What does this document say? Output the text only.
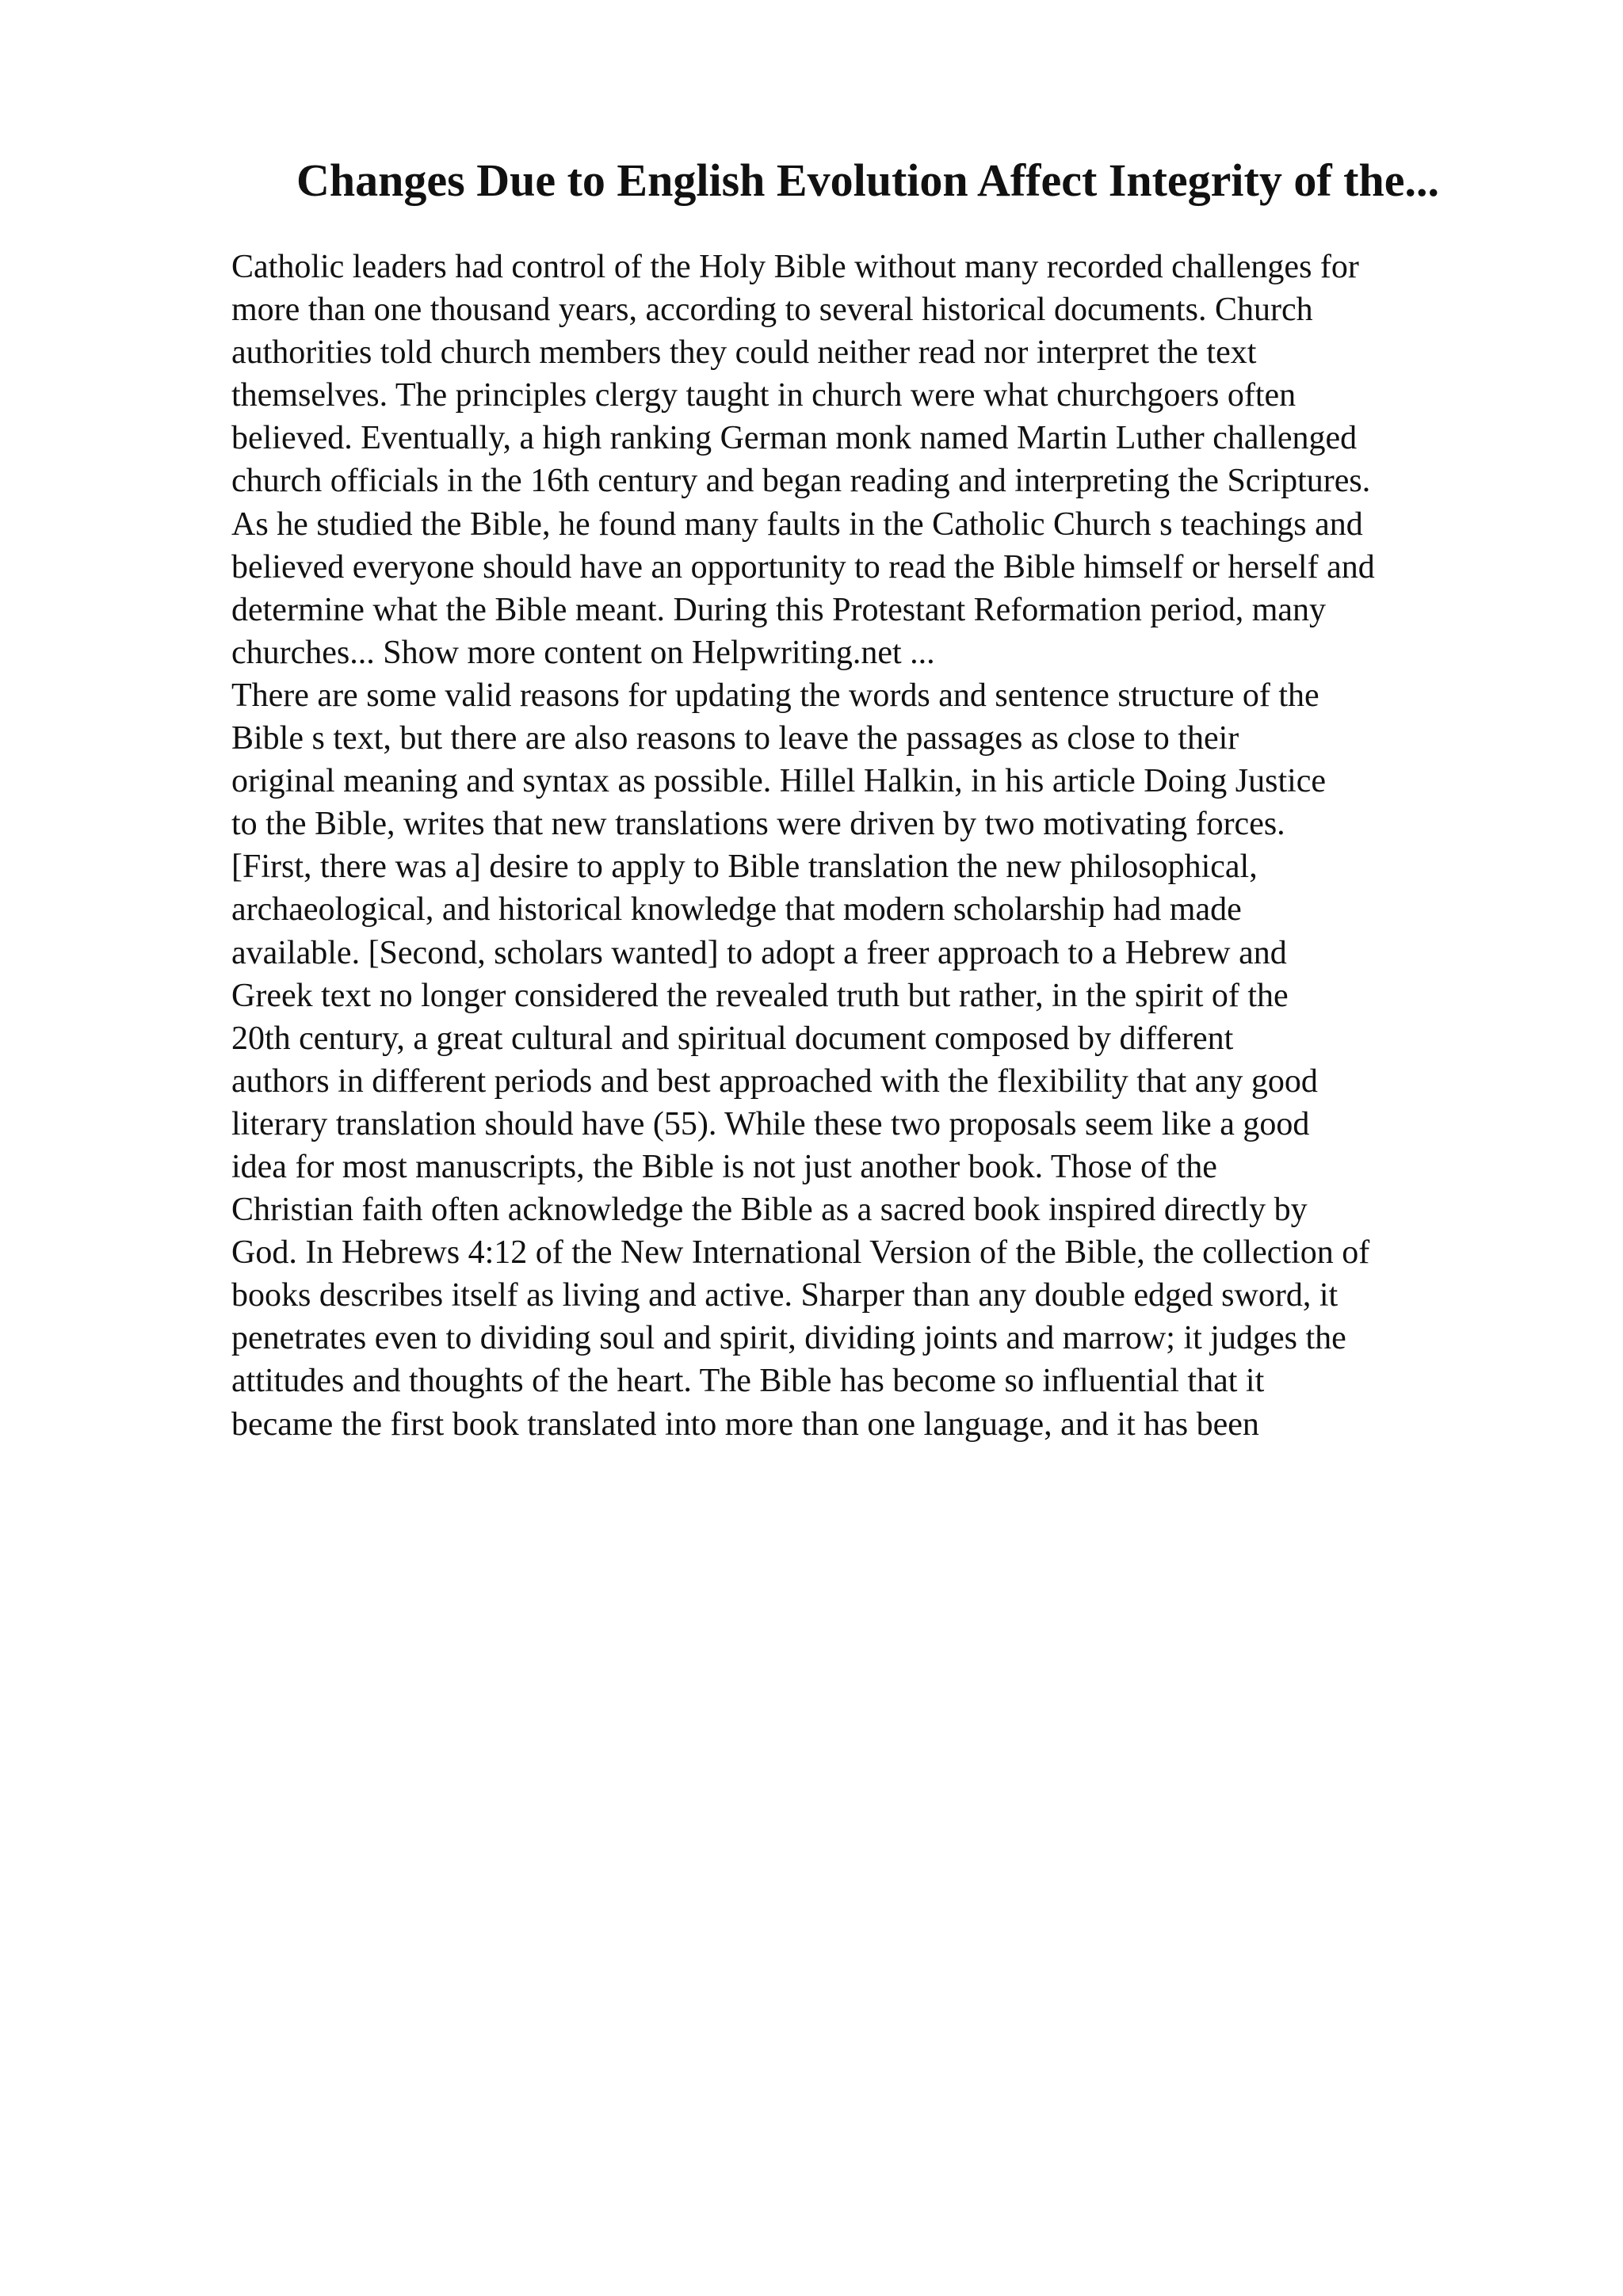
Changes Due to English Evolution Affect Integrity of the...
Catholic leaders had control of the Holy Bible without many recorded challenges for
more than one thousand years, according to several historical documents. Church
authorities told church members they could neither read nor interpret the text
themselves. The principles clergy taught in church were what churchgoers often
believed. Eventually, a high ranking German monk named Martin Luther challenged
church officials in the 16th century and began reading and interpreting the Scriptures.
As he studied the Bible, he found many faults in the Catholic Church s teachings and
believed everyone should have an opportunity to read the Bible himself or herself and
determine what the Bible meant. During this Protestant Reformation period, many
churches... Show more content on Helpwriting.net ...
There are some valid reasons for updating the words and sentence structure of the
Bible s text, but there are also reasons to leave the passages as close to their
original meaning and syntax as possible. Hillel Halkin, in his article Doing Justice
to the Bible, writes that new translations were driven by two motivating forces.
[First, there was a] desire to apply to Bible translation the new philosophical,
archaeological, and historical knowledge that modern scholarship had made
available. [Second, scholars wanted] to adopt a freer approach to a Hebrew and
Greek text no longer considered the revealed truth but rather, in the spirit of the
20th century, a great cultural and spiritual document composed by different
authors in different periods and best approached with the flexibility that any good
literary translation should have (55). While these two proposals seem like a good
idea for most manuscripts, the Bible is not just another book. Those of the
Christian faith often acknowledge the Bible as a sacred book inspired directly by
God. In Hebrews 4:12 of the New International Version of the Bible, the collection of
books describes itself as living and active. Sharper than any double edged sword, it
penetrates even to dividing soul and spirit, dividing joints and marrow; it judges the
attitudes and thoughts of the heart. The Bible has become so influential that it
became the first book translated into more than one language, and it has been
